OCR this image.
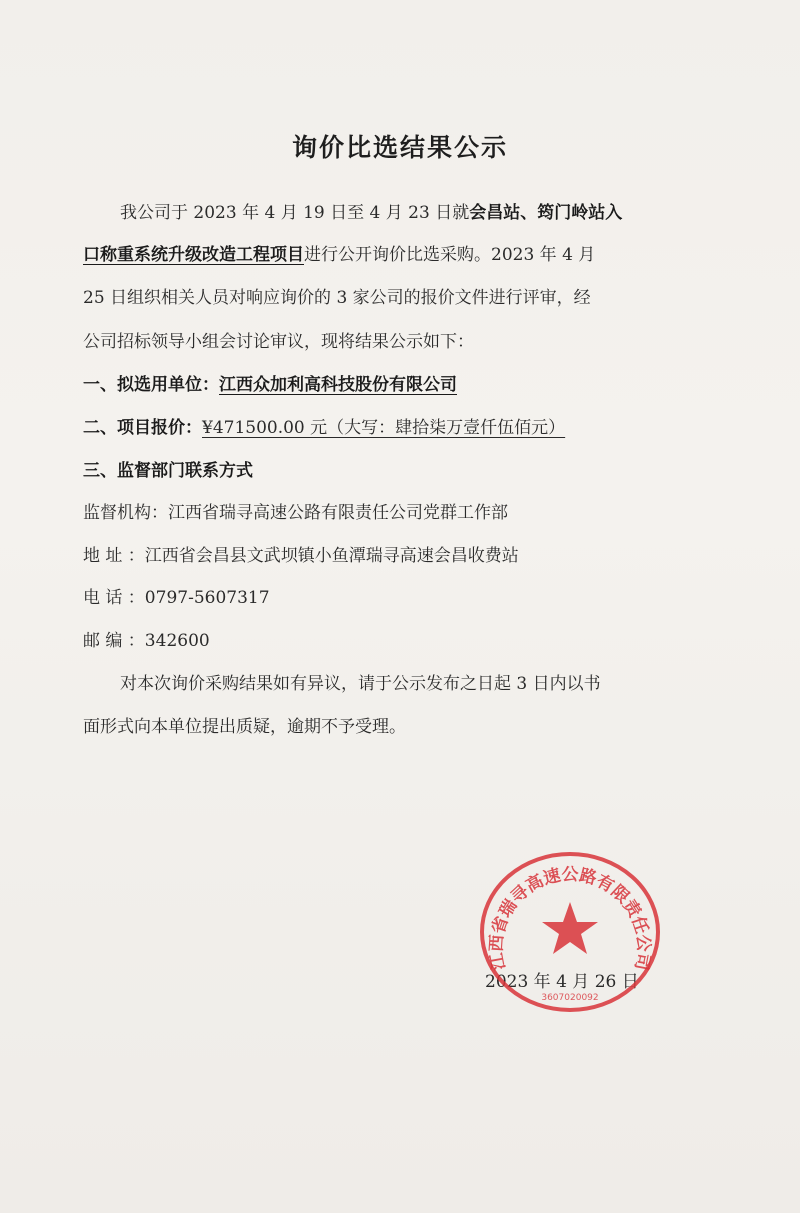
询价比选结果公示
我公司于 2023 年 4 月 19 日至 4 月 23 日就会昌站、筠门岭站入
口称重系统升级改造工程项目进行公开询价比选采购。2023 年 4 月
25 日组织相关人员对响应询价的 3 家公司的报价文件进行评审，经
公司招标领导小组会讨论审议，现将结果公示如下：
一、拟选用单位：江西众加利高科技股份有限公司
二、项目报价：¥471500.00 元（大写：肆拾柒万壹仟伍佰元）
三、监督部门联系方式
监督机构：江西省瑞寻高速公路有限责任公司党群工作部
地 址 ：江西省会昌县文武坝镇小鱼潭瑞寻高速会昌收费站
电 话 ：0797-5607317
邮 编 ：342600
对本次询价采购结果如有异议，请于公示发布之日起 3 日内以书
面形式向本单位提出质疑，逾期不予受理。
2023 年 4 月 26 日
江西省瑞寻高速公路有限责任公司
3607020092
